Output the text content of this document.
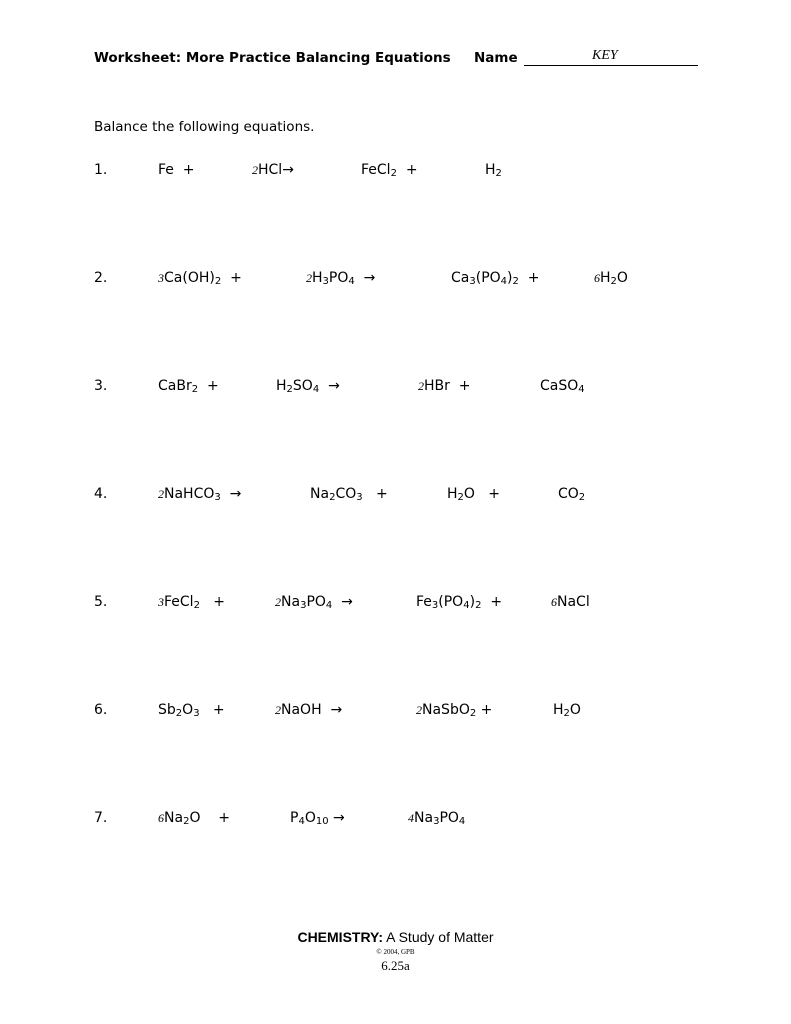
Worksheet: More Practice Balancing Equations Name	KEY
Balance the following equations.
1.	Fe  +	2HCl→	FeCl$_2$  +	$H_2$
2.	$3Ca(OH)_2$  +	$2H_3PO_4$  →	$Ca_3(PO_4)_2$  +	$6H_2O$
3.	CaBr$_2$  +	$H_2SO_4$  →	2HBr  +	CaSO$_4$
4.	2NaHCO$_3$  →	$Na_2CO_3$   +	$H_2O$   +	$CO_2$
5.	3FeCl$_2$   +	$2Na_3PO_4$  →	$Fe_3(PO_4)_2$  +	6NaCl
6.	$Sb_2O_3$   +	2NaOH  →	2NaSbO$_2$ +	$H_2O$
7.	$6Na_2O$    +	$P_4O_{10}$ →	$4Na_3PO_4$
CHEMISTRY: A Study of Matter
© 2004, GPB
6.25a
